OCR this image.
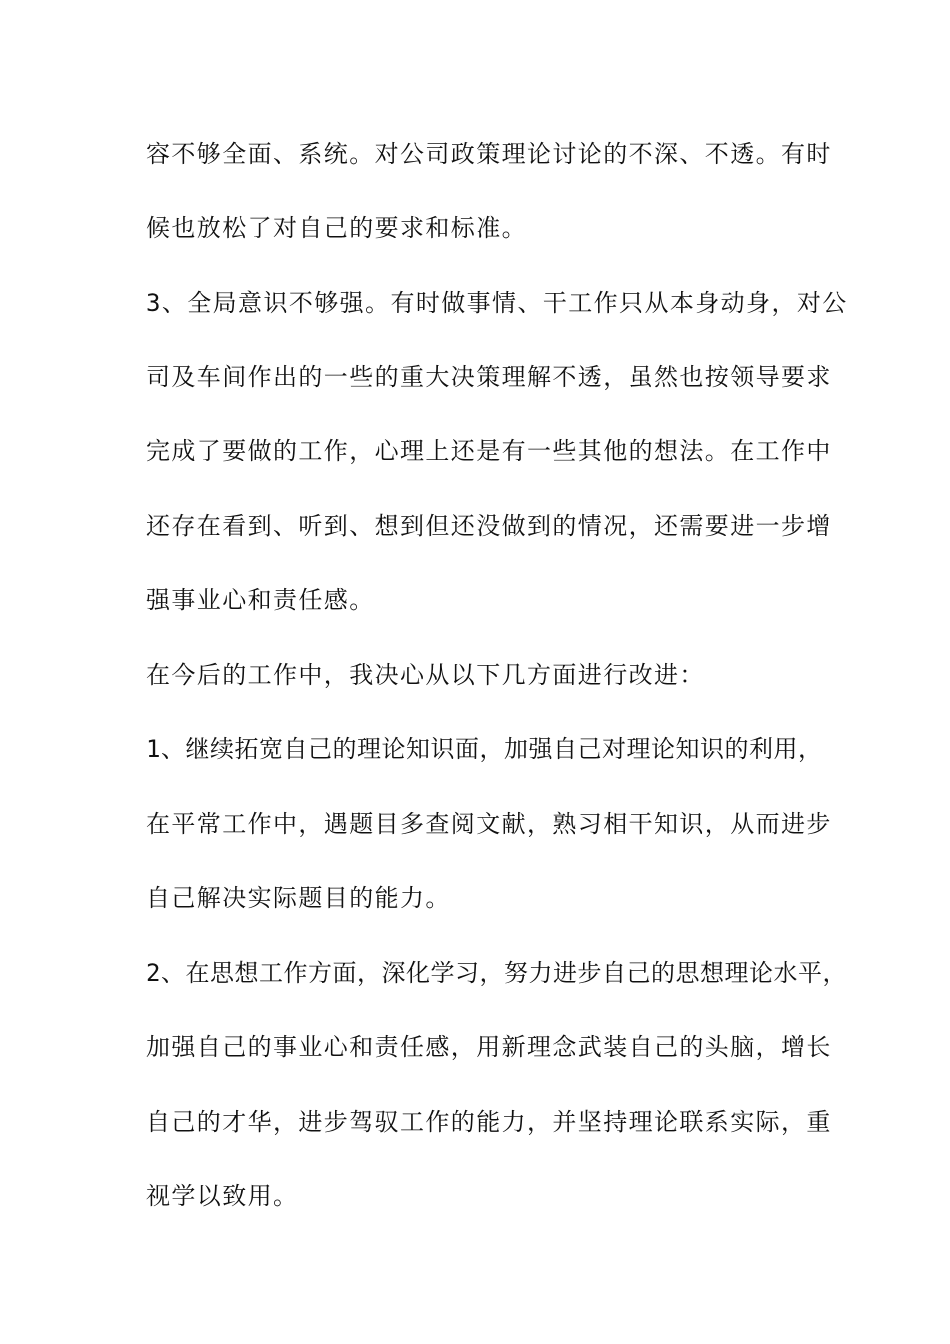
容不够全面、系统。对公司政策理论讨论的不深、不透。有时
候也放松了对自己的要求和标准。
3、全局意识不够强。有时做事情、干工作只从本身动身，对公
司及车间作出的一些的重大决策理解不透，虽然也按领导要求
完成了要做的工作，心理上还是有一些其他的想法。在工作中
还存在看到、听到、想到但还没做到的情况，还需要进一步增
强事业心和责任感。
在今后的工作中，我决心从以下几方面进行改进：
1、继续拓宽自己的理论知识面，加强自己对理论知识的利用，
在平常工作中，遇题目多查阅文献，熟习相干知识，从而进步
自己解决实际题目的能力。
2、在思想工作方面，深化学习，努力进步自己的思想理论水平，
加强自己的事业心和责任感，用新理念武装自己的头脑，增长
自己的才华，进步驾驭工作的能力，并坚持理论联系实际，重
视学以致用。
